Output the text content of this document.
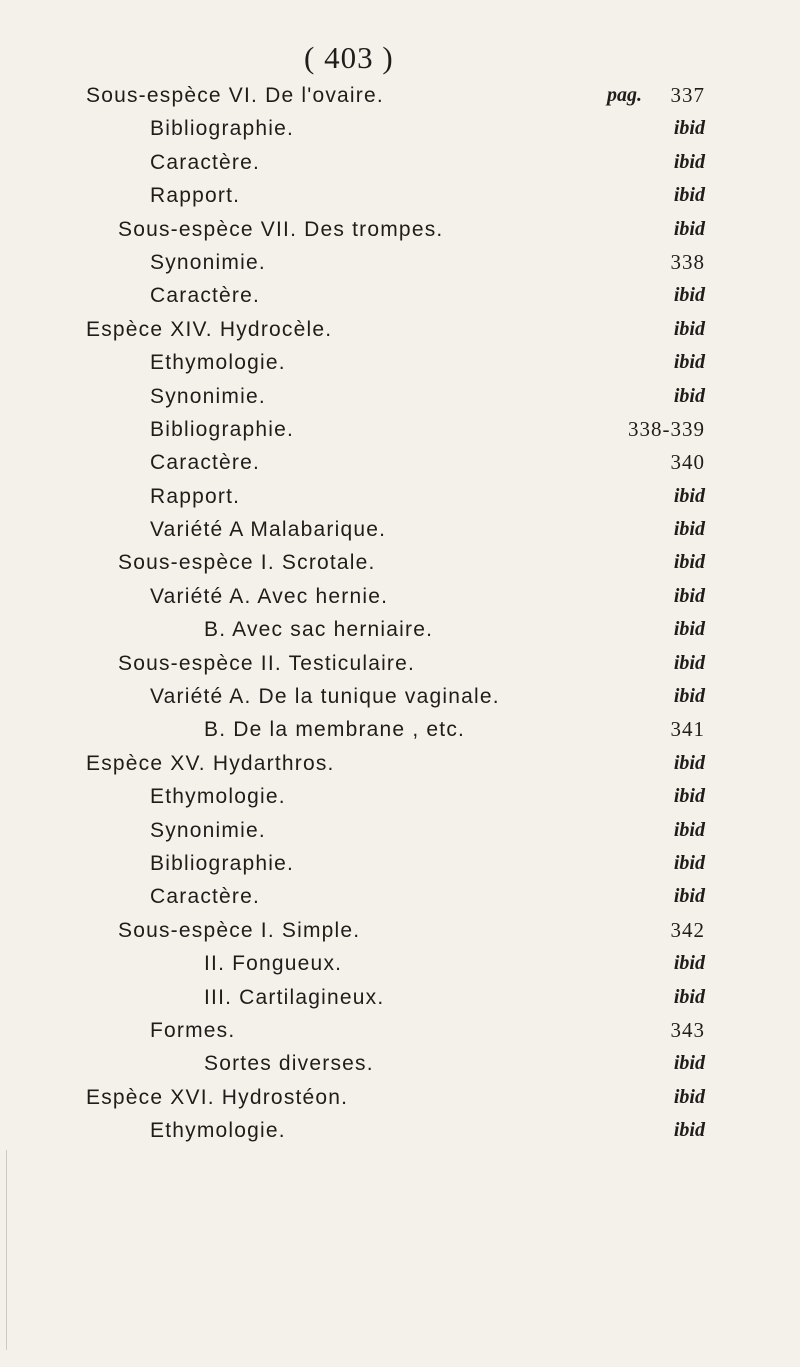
( 403 )
Sous-espèce VI. De l'ovaire.	pag. 337
Bibliographie.	ibid
Caractère.	ibid
Rapport.	ibid
Sous-espèce VII. Des trompes.	ibid
Synonimie.	338
Caractère.	ibid
Espèce XIV. Hydrocèle.	ibid
Ethymologie.	ibid
Synonimie.	ibid
Bibliographie.	338-339
Caractère.	340
Rapport.	ibid
Variété A Malabarique.	ibid
Sous-espèce I. Scrotale.	ibid
Variété A. Avec hernie.	ibid
B. Avec sac herniaire.	ibid
Sous-espèce II. Testiculaire.	ibid
Variété A. De la tunique vaginale.	ibid
B. De la membrane , etc.	341
Espèce XV. Hydarthros.	ibid
Ethymologie.	ibid
Synonimie.	ibid
Bibliographie.	ibid
Caractère.	ibid
Sous-espèce I. Simple.	342
II. Fongueux.	ibid
III. Cartilagineux.	ibid
Formes.	343
Sortes diverses.	ibid
Espèce XVI. Hydrostéon.	ibid
Ethymologie.	ibid
